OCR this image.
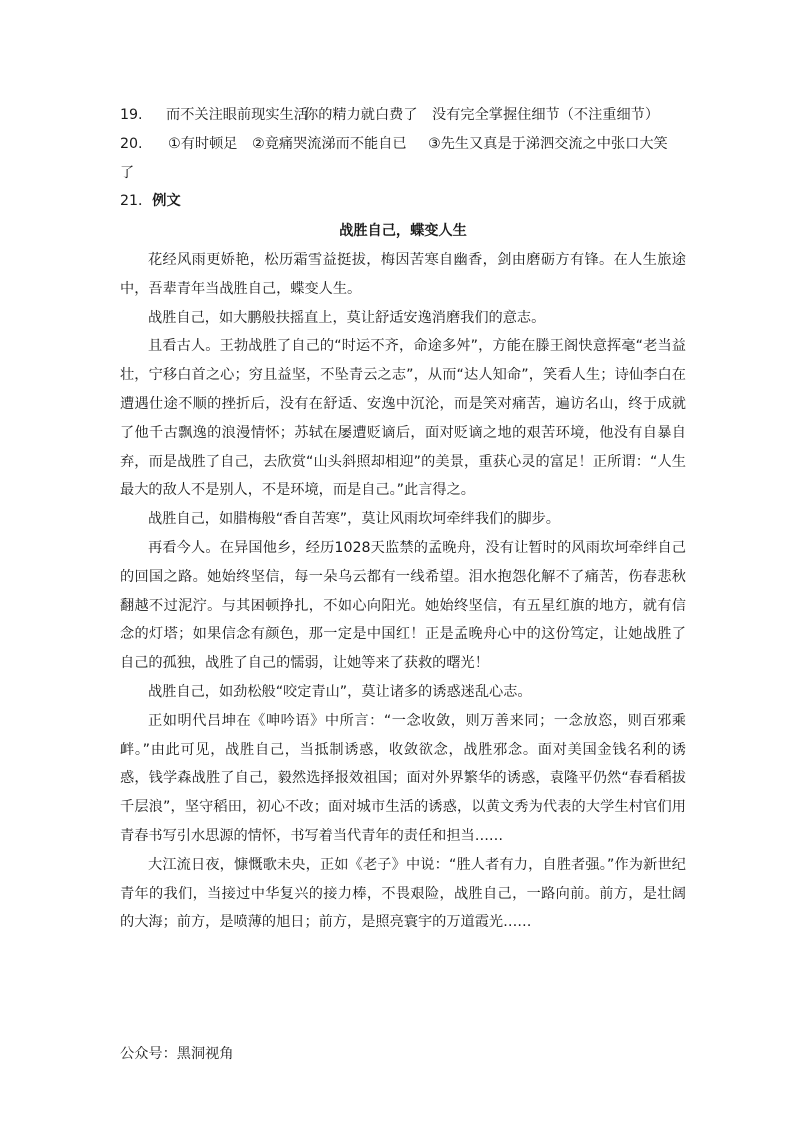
19.	而不关注眼前现实生活
你的精力就白费了 没有完全掌握住细节（不注重细节）
20.	①有时顿足 ②竟痛哭流涕而不能自已 ③先生又真是于涕泗交流之中张口大笑
了
21．例文
战胜自己，蝶变人生

花经风雨更娇艳，松历霜雪益挺拔，梅因苦寒自幽香，剑由磨砺方有锋。在人生旅途中，吾辈青年当战胜自己，蝶变人生。

战胜自己，如大鹏般扶摇直上，莫让舒适安逸消磨我们的意志。

且看古人。王勃战胜了自己的“时运不齐，命途多舛”，方能在滕王阁快意挥毫“老当益壮，宁移白首之心；穷且益坚，不坠青云之志”，从而“达人知命”，笑看人生；诗仙李白在遭遇仕途不顺的挫折后，没有在舒适、安逸中沉沦，而是笑对痛苦，遍访名山，终于成就了他千古飘逸的浪漫情怀；苏轼在屡遭贬谪后，面对贬谪之地的艰苦环境，他没有自暴自弃，而是战胜了自己，去欣赏“山头斜照却相迎”的美景，重获心灵的富足！正所谓：“人生最大的敌人不是别人，不是环境，而是自己。”此言得之。

战胜自己，如腊梅般“香自苦寒”，莫让风雨坎坷牵绊我们的脚步。

再看今人。在异国他乡，经历1028天监禁的孟晚舟，没有让暂时的风雨坎坷牵绊自己的回国之路。她始终坚信，每一朵乌云都有一线希望。泪水抱怨化解不了痛苦，伤春悲秋翻越不过泥泞。与其困顿挣扎，不如心向阳光。她始终坚信，有五星红旗的地方，就有信念的灯塔；如果信念有颜色，那一定是中国红！正是孟晚舟心中的这份笃定，让她战胜了自己的孤独，战胜了自己的懦弱，让她等来了获救的曙光！

战胜自己，如劲松般“咬定青山”，莫让诸多的诱惑迷乱心志。

正如明代吕坤在《呻吟语》中所言：“一念收敛，则万善来同；一念放恣，则百邪乘衅。”由此可见，战胜自己，当抵制诱惑，收敛欲念，战胜邪念。面对美国金钱名利的诱惑，钱学森战胜了自己，毅然选择报效祖国；面对外界繁华的诱惑，袁隆平仍然“春看稻拔千层浪”，坚守稻田，初心不改；面对城市生活的诱惑，以黄文秀为代表的大学生村官们用青春书写引水思源的情怀，书写着当代青年的责任和担当……

大江流日夜，慷慨歌未央，正如《老子》中说：“胜人者有力，自胜者强。”作为新世纪青年的我们，当接过中华复兴的接力棒，不畏艰险，战胜自己，一路向前。前方，是壮阔的大海；前方，是喷薄的旭日；前方，是照亮寰宇的万道霞光……

公众号：黑洞视角
